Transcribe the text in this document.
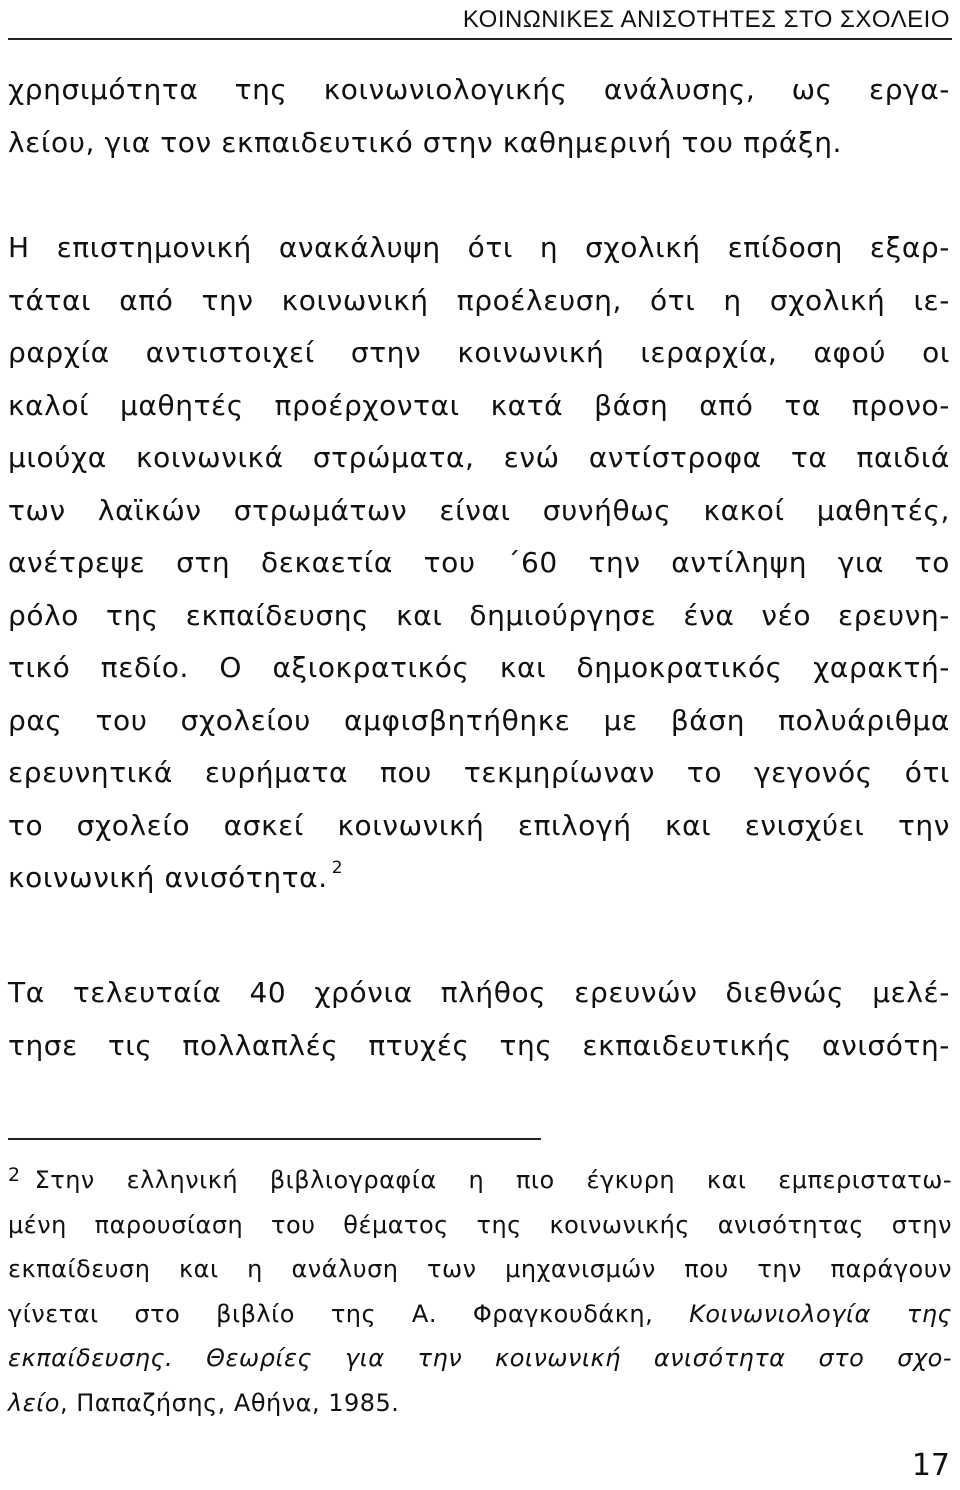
ΚΟΙΝΩΝΙΚΕΣ ΑΝΙΣΟΤΗΤΕΣ ΣΤΟ ΣΧΟΛΕΙΟ

χρησιμότητα της κοινωνιολογικής ανάλυσης, ως εργα-
λείου, για τον εκπαιδευτικό στην καθημερινή του πράξη.

Η επιστημονική ανακάλυψη ότι η σχολική επίδοση εξαρ-
τάται από την κοινωνική προέλευση, ότι η σχολική ιε-
ραρχία αντιστοιχεί στην κοινωνική ιεραρχία, αφού οι
καλοί μαθητές προέρχονται κατά βάση από τα προνο-
μιούχα κοινωνικά στρώματα, ενώ αντίστροφα τα παιδιά
των λαϊκών στρωμάτων είναι συνήθως κακοί μαθητές,
ανέτρεψε στη δεκαετία του ΄60 την αντίληψη για το
ρόλο της εκπαίδευσης και δημιούργησε ένα νέο ερευνη-
τικό πεδίο. Ο αξιοκρατικός και δημοκρατικός χαρακτή-
ρας του σχολείου αμφισβητήθηκε με βάση πολυάριθμα
ερευνητικά ευρήματα που τεκμηρίωναν το γεγονός ότι
το σχολείο ασκεί κοινωνική επιλογή και ενισχύει την
κοινωνική ανισότητα. $^2$

Τα τελευταία 40 χρόνια πλήθος ερευνών διεθνώς μελέ-
τησε τις πολλαπλές πτυχές της εκπαιδευτικής ανισότη-

2 Στην ελληνική βιβλιογραφία η πιο έγκυρη και εμπεριστατω-
μένη παρουσίαση του θέματος της κοινωνικής ανισότητας στην
εκπαίδευση και η ανάλυση των μηχανισμών που την παράγουν
γίνεται στο βιβλίο της Α. Φραγκουδάκη, Κοινωνιολογία της
εκπαίδευσης. Θεωρίες για την κοινωνική ανισότητα στο σχο-
λείο, Παπαζήσης, Αθήνα, 1985.
17
